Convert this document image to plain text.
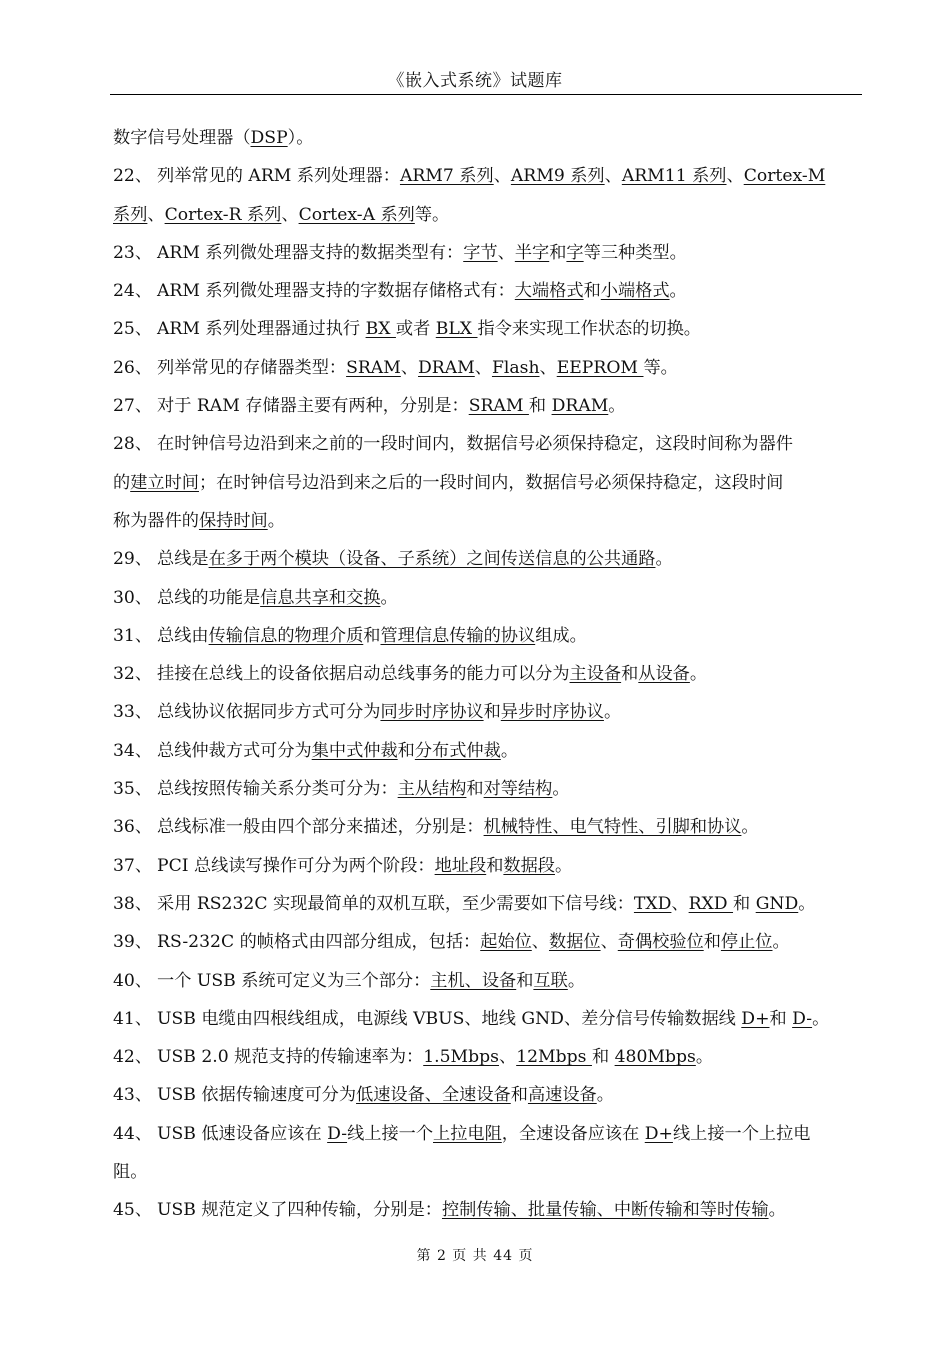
《嵌入式系统》试题库
数字信号处理器（DSP）。
22、 列举常见的 ARM 系列处理器：ARM7 系列、ARM9 系列、ARM11 系列、Cortex-M
系列、Cortex-R 系列、Cortex-A 系列等。
23、 ARM 系列微处理器支持的数据类型有：字节、半字和字等三种类型。
24、 ARM 系列微处理器支持的字数据存储格式有：大端格式和小端格式。
25、 ARM 系列处理器通过执行 BX 或者 BLX 指令来实现工作状态的切换。
26、 列举常见的存储器类型：SRAM、DRAM、Flash、EEPROM 等。
27、 对于 RAM 存储器主要有两种，分别是：SRAM 和 DRAM。
28、 在时钟信号边沿到来之前的一段时间内，数据信号必须保持稳定，这段时间称为器件
的建立时间；在时钟信号边沿到来之后的一段时间内，数据信号必须保持稳定，这段时间
称为器件的保持时间。
29、 总线是在多于两个模块（设备、子系统）之间传送信息的公共通路。
30、 总线的功能是信息共享和交换。
31、 总线由传输信息的物理介质和管理信息传输的协议组成。
32、 挂接在总线上的设备依据启动总线事务的能力可以分为主设备和从设备。
33、 总线协议依据同步方式可分为同步时序协议和异步时序协议。
34、 总线仲裁方式可分为集中式仲裁和分布式仲裁。
35、 总线按照传输关系分类可分为：主从结构和对等结构。
36、 总线标准一般由四个部分来描述，分别是：机械特性、电气特性、引脚和协议。
37、 PCI 总线读写操作可分为两个阶段：地址段和数据段。
38、 采用 RS232C 实现最简单的双机互联，至少需要如下信号线：TXD、RXD 和 GND。
39、 RS-232C 的帧格式由四部分组成，包括：起始位、数据位、奇偶校验位和停止位。
40、 一个 USB 系统可定义为三个部分：主机、设备和互联。
41、 USB 电缆由四根线组成，电源线 VBUS、地线 GND、差分信号传输数据线 D+和 D-。
42、 USB 2.0 规范支持的传输速率为：1.5Mbps、12Mbps 和 480Mbps。
43、 USB 依据传输速度可分为低速设备、全速设备和高速设备。
44、 USB 低速设备应该在 D-线上接一个上拉电阻，全速设备应该在 D+线上接一个上拉电
阻。
45、 USB 规范定义了四种传输，分别是：控制传输、批量传输、中断传输和等时传输。
第 2 页 共 44 页
